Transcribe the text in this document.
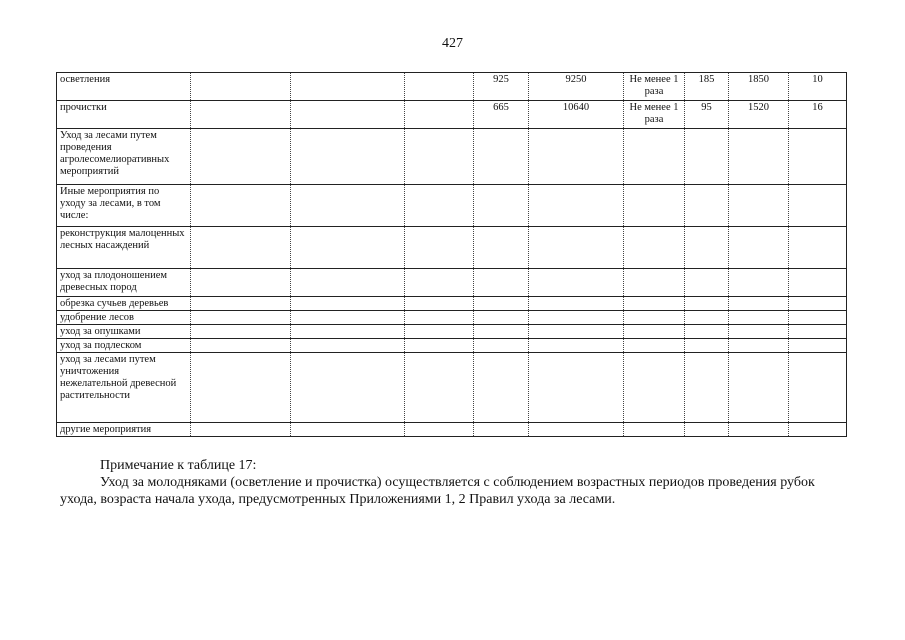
427
осветления				925	9250	Не менее 1 раза	185	1850	10
прочистки				665	10640	Не менее 1 раза	95	1520	16
Уход за лесами путем проведения агролесомелиоративных мероприятий									
Иные мероприятия по уходу за лесами, в том числе:									
реконструкция малоценных лесных насаждений									
уход за плодоношением древесных пород									
обрезка сучьев деревьев									
удобрение лесов									
уход за опушками									
уход за подлеском									
уход за лесами путем уничтожения нежелательной древесной растительности									
другие мероприятия									

Примечание к таблице 17:

Уход за молодняками (осветление и прочистка) осуществляется с соблюдением возрастных периодов проведения рубок ухода, возраста начала ухода, предусмотренных Приложениями 1, 2 Правил ухода за лесами.
